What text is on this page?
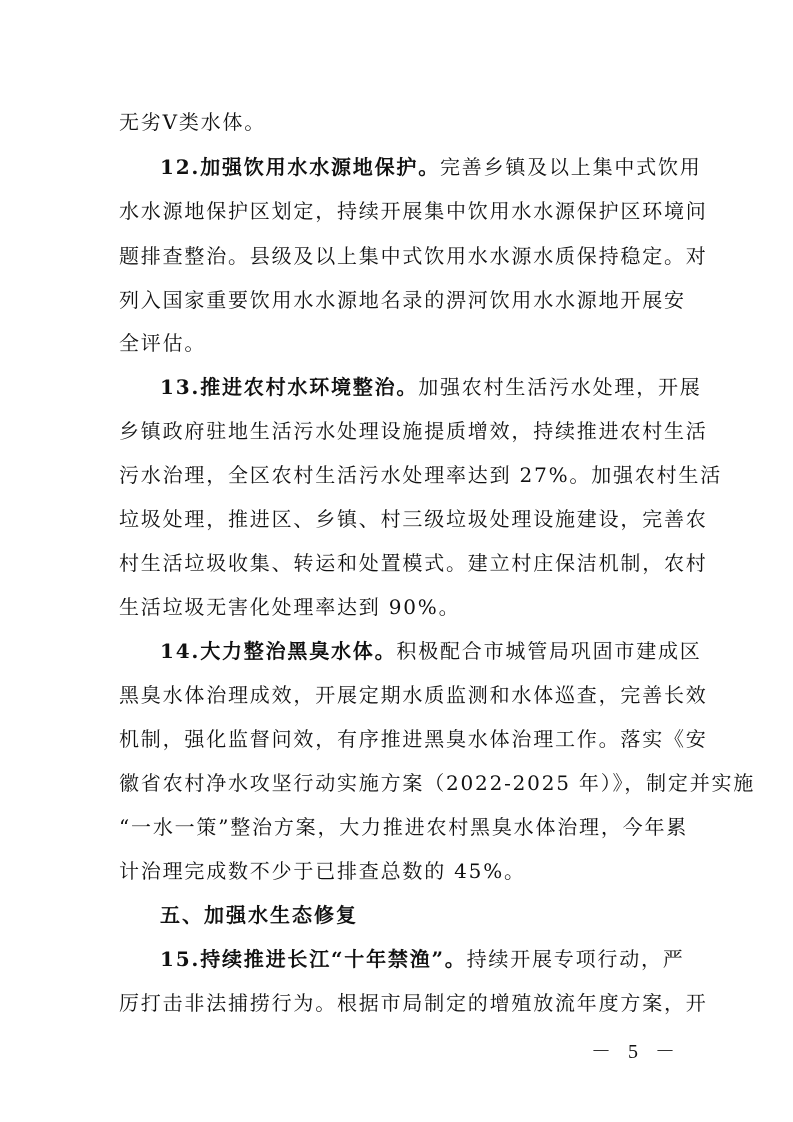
无劣Ⅴ类水体。
12.加强饮用水水源地保护。完善乡镇及以上集中式饮用
水水源地保护区划定，持续开展集中饮用水水源保护区环境问
题排查整治。县级及以上集中式饮用水水源水质保持稳定。对
列入国家重要饮用水水源地名录的淠河饮用水水源地开展安
全评估。
13.推进农村水环境整治。加强农村生活污水处理，开展
乡镇政府驻地生活污水处理设施提质增效，持续推进农村生活
污水治理，全区农村生活污水处理率达到 27%。加强农村生活
垃圾处理，推进区、乡镇、村三级垃圾处理设施建设，完善农
村生活垃圾收集、转运和处置模式。建立村庄保洁机制，农村
生活垃圾无害化处理率达到 90%。
14.大力整治黑臭水体。积极配合市城管局巩固市建成区
黑臭水体治理成效，开展定期水质监测和水体巡查，完善长效
机制，强化监督问效，有序推进黑臭水体治理工作。落实《安
徽省农村净水攻坚行动实施方案（2022-2025 年）》，制定并实施
“一水一策”整治方案，大力推进农村黑臭水体治理，今年累
计治理完成数不少于已排查总数的 45%。
五、加强水生态修复
15.持续推进长江“十年禁渔”。持续开展专项行动，严
厉打击非法捕捞行为。根据市局制定的增殖放流年度方案，开
－ 5 －
